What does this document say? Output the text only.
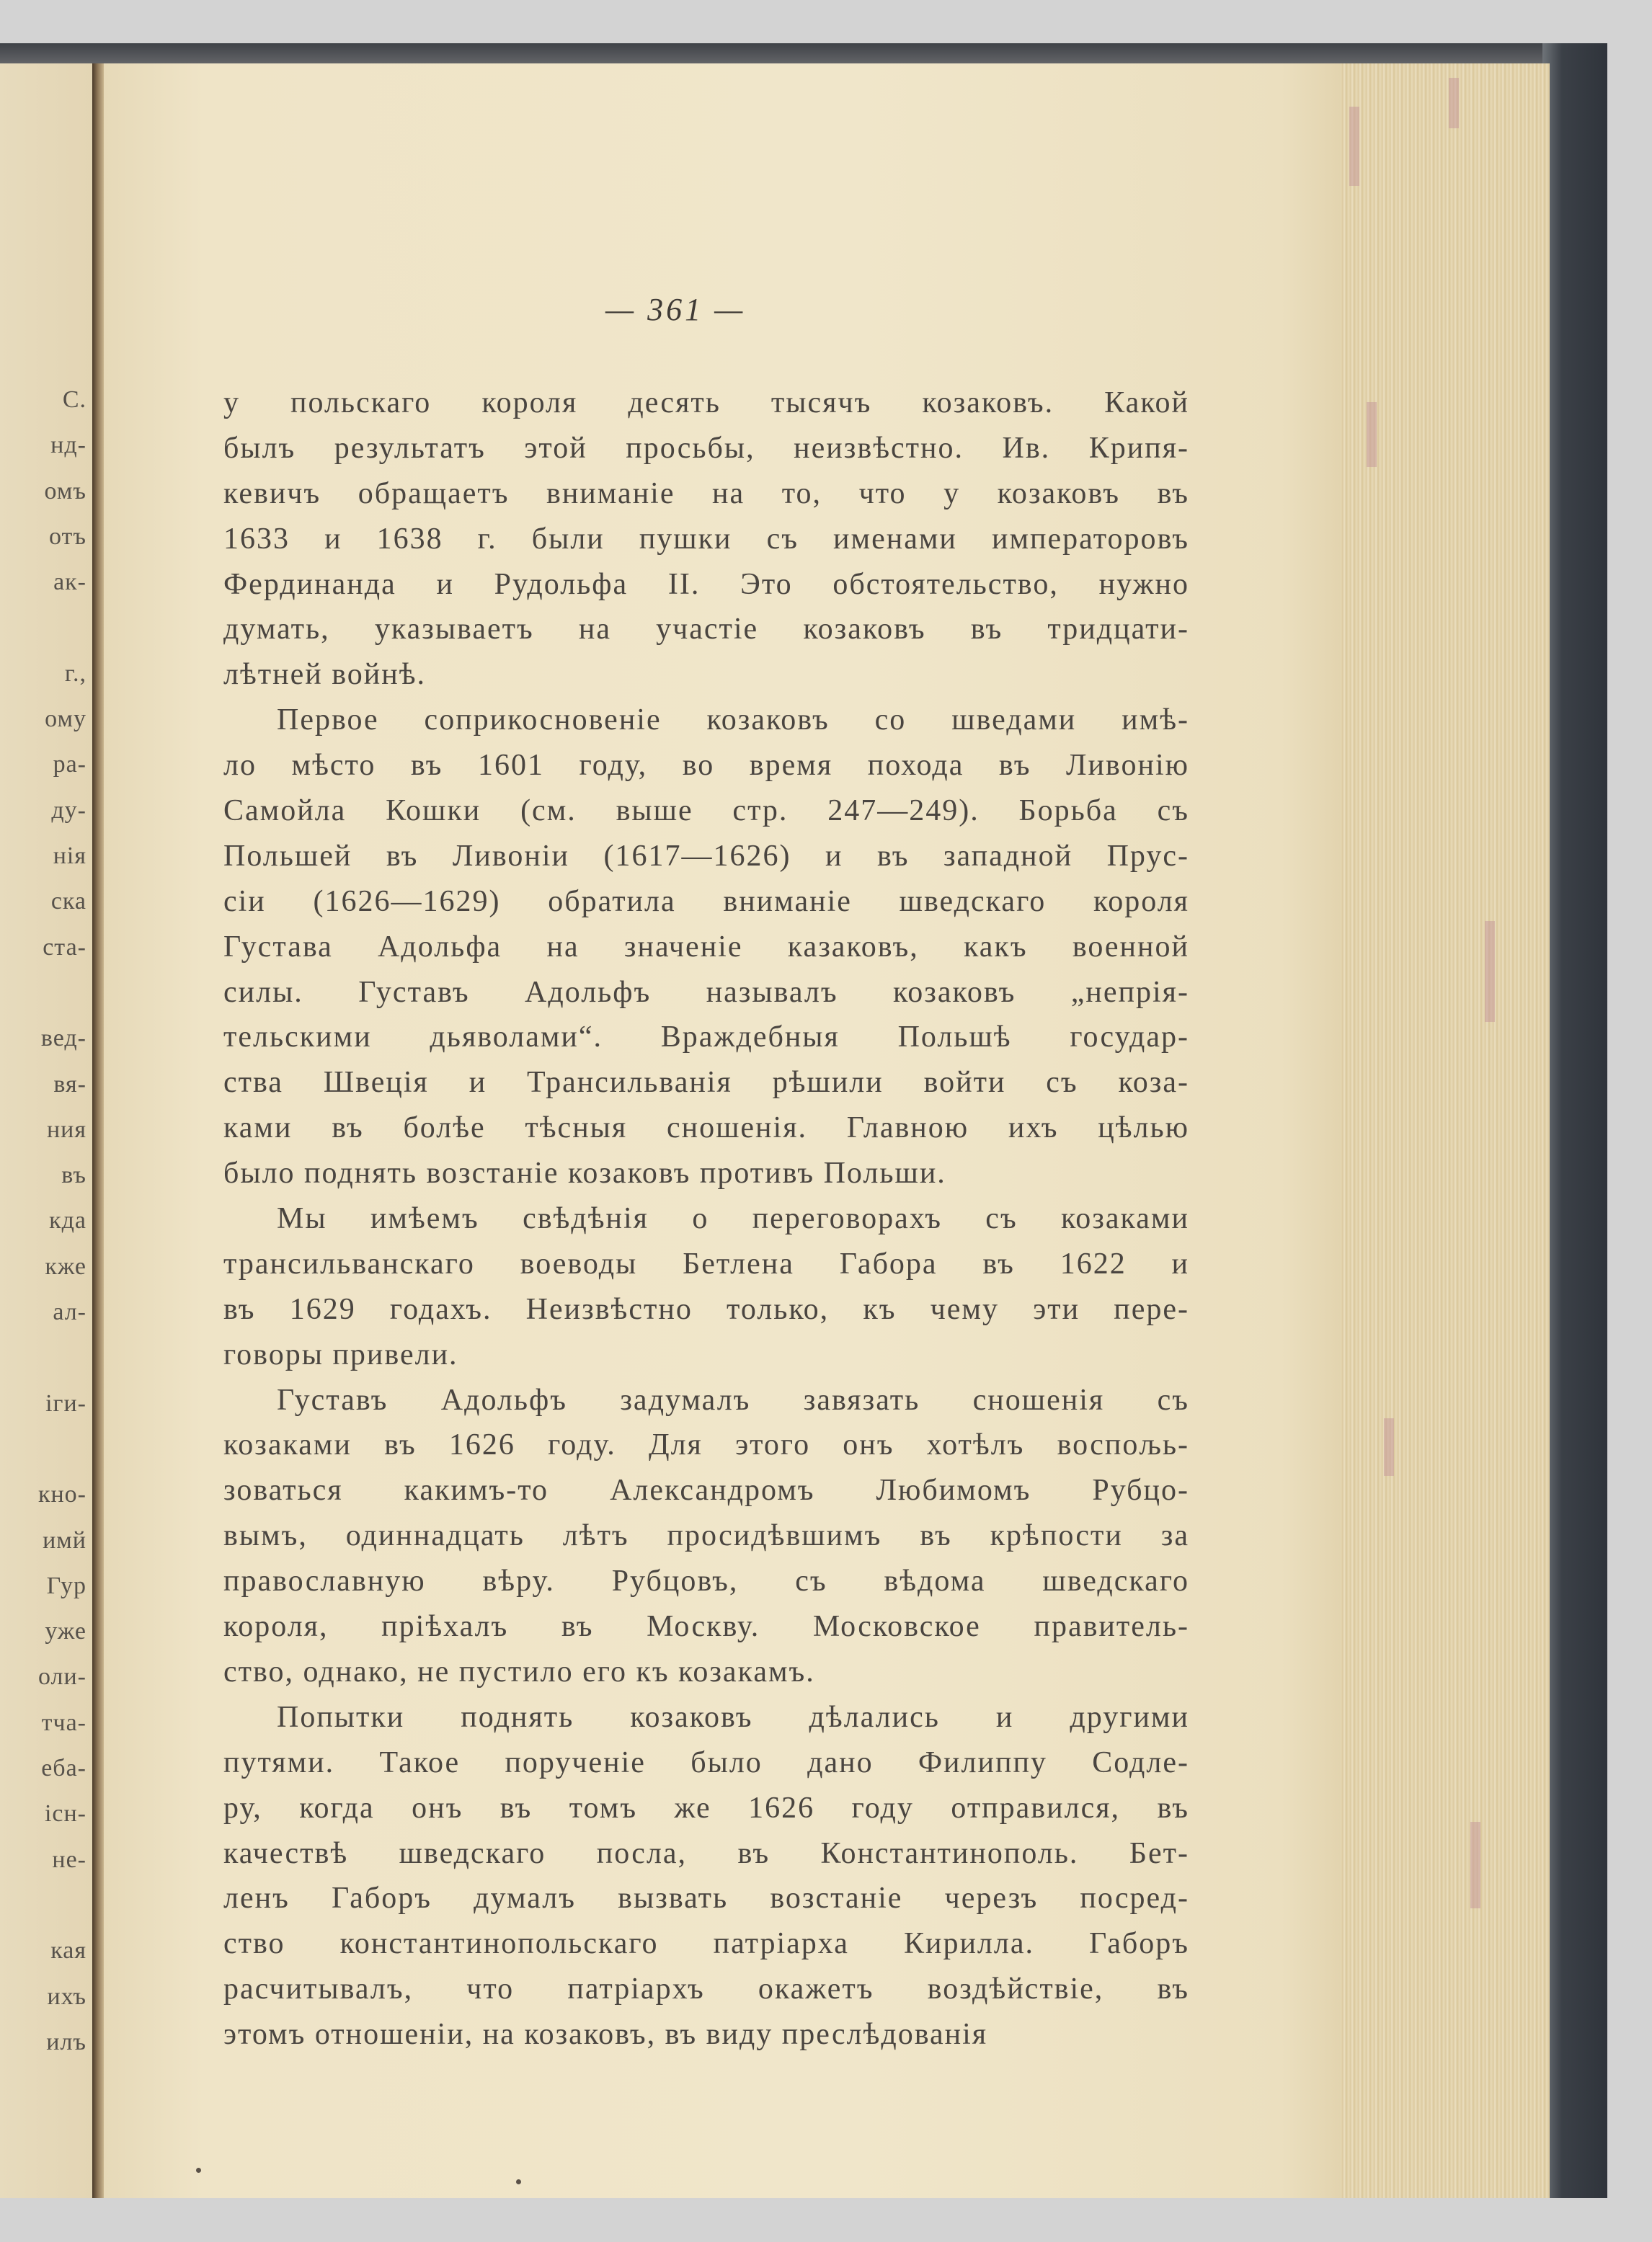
С.
нд-
омъ
отъ
ак-
г.,
ому
ра-
ду-
нія
ска
ста-
вед-
вя-
ния
въ
кда
кже
ал-
іги-
кно-
имй
Гур
уже
оли-
тча-
еба-
існ-
не-
кая
ихъ
илъ
— 361 —
у польскаго короля десять тысячъ козаковъ. Какой
былъ результатъ этой просьбы, неизвѣстно. Ив. Крипя-
кевичъ обращаетъ вниманіе на то, что у козаковъ въ
1633 и 1638 г. были пушки съ именами императоровъ
Фердинанда и Рудольфа II. Это обстоятельство, нужно
думать, указываетъ на участіе козаковъ въ тридцати-
лѣтней войнѣ.
Первое соприкосновеніе козаковъ со шведами имѣ-
ло мѣсто въ 1601 году, во время похода въ Ливонію
Самойла Кошки (см. выше стр. 247—249). Борьба съ
Польшей въ Ливоніи (1617—1626) и въ западной Прус-
сіи (1626—1629) обратила вниманіе шведскаго короля
Густава Адольфа на значеніе казаковъ, какъ военной
силы. Густавъ Адольфъ называлъ козаковъ „непрія-
тельскими дьяволами“. Враждебныя Польшѣ государ-
ства Швеція и Трансильванія рѣшили войти съ коза-
ками въ болѣе тѣсныя сношенія. Главною ихъ цѣлью
было поднять возстаніе козаковъ противъ Польши.
Мы имѣемъ свѣдѣнія о переговорахъ съ козаками
трансильванскаго воеводы Бетлена Габора въ 1622 и
въ 1629 годахъ. Неизвѣстно только, къ чему эти пере-
говоры привели.
Густавъ Адольфъ задумалъ завязать сношенія съ
козаками въ 1626 году. Для этого онъ хотѣлъ воспољь-
зоваться какимъ-то Александромъ Любимомъ Рубцо-
вымъ, одиннадцать лѣтъ просидѣвшимъ въ крѣпости за
православную вѣру. Рубцовъ, съ вѣдома шведскаго
короля, пріѣхалъ въ Москву. Московское правитель-
ство, однако, не пустило его къ козакамъ.
Попытки поднять козаковъ дѣлались и другими
путями. Такое порученіе было дано Филиппу Содле-
ру, когда онъ въ томъ же 1626 году отправился, въ
качествѣ шведскаго посла, въ Константинополь. Бет-
ленъ Габоръ думалъ вызвать возстаніе черезъ посред-
ство константинопольскаго патріарха Кирилла. Габоръ
расчитывалъ, что патріархъ окажетъ воздѣйствіе, въ
этомъ отношеніи, на козаковъ, въ виду преслѣдованія
